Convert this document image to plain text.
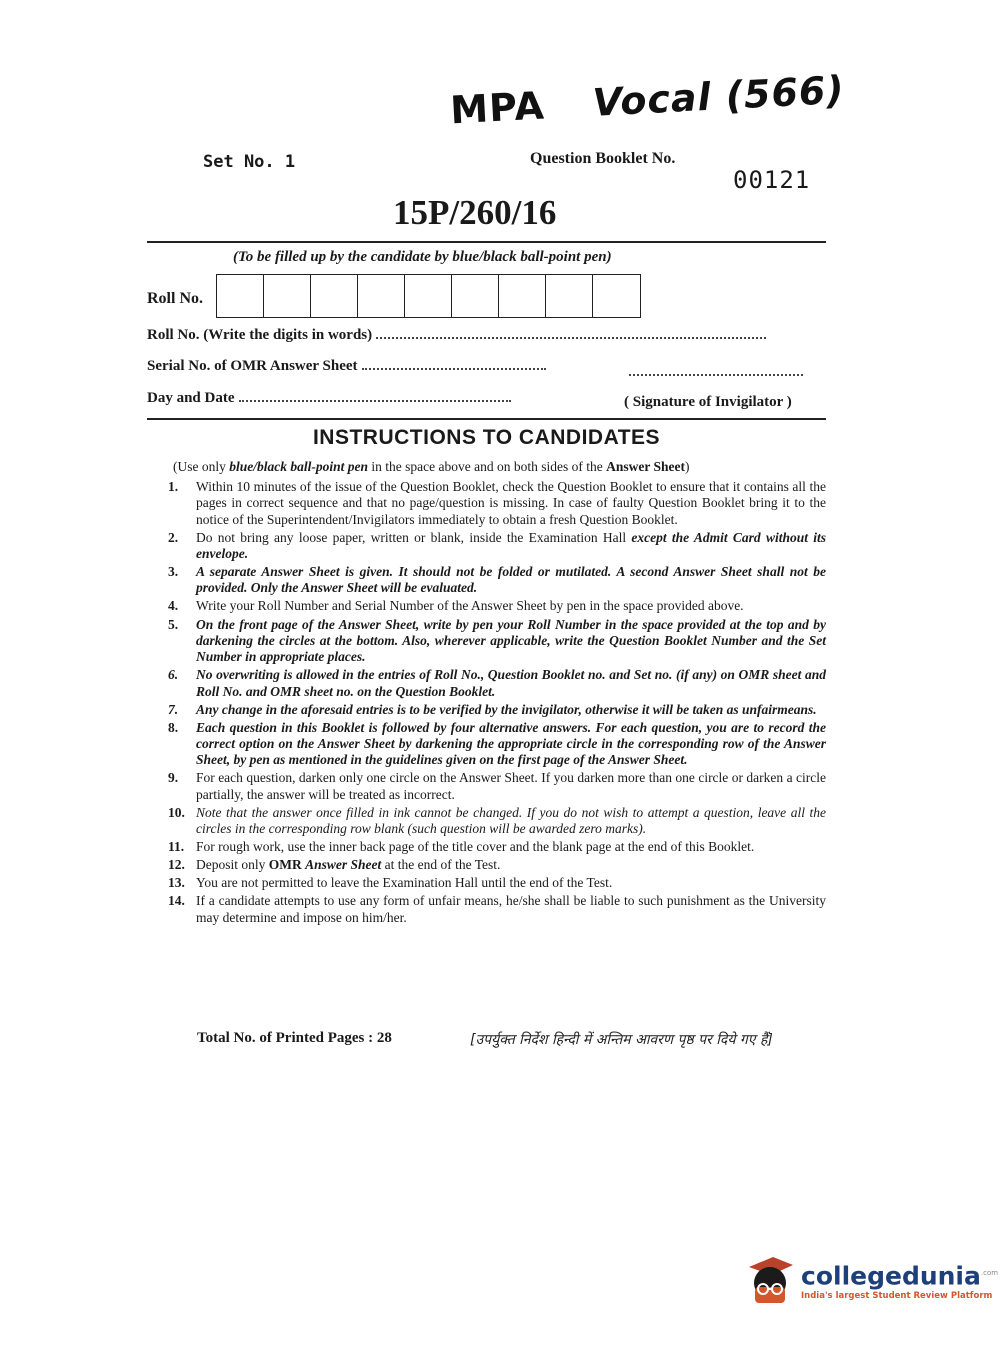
MPA Vocal (566)
Set No. 1	Question Booklet No.
00121
15P/260/16
(To be filled up by the candidate by blue/black ball-point pen)
Roll No.
Roll No. (Write the digits in words)
Serial No. of OMR Answer Sheet
Day and Date	( Signature of Invigilator )
INSTRUCTIONS TO CANDIDATES
(Use only blue/black ball-point pen in the space above and on both sides of the Answer Sheet)
1.	Within 10 minutes of the issue of the Question Booklet, check the Question Booklet to ensure that it contains all the pages in correct sequence and that no page/question is missing. In case of faulty Question Booklet bring it to the notice of the Superintendent/Invigilators immediately to obtain a fresh Question Booklet.
2.	Do not bring any loose paper, written or blank, inside the Examination Hall except the Admit Card without its envelope.
3.	A separate Answer Sheet is given. It should not be folded or mutilated. A second Answer Sheet shall not be provided. Only the Answer Sheet will be evaluated.
4.	Write your Roll Number and Serial Number of the Answer Sheet by pen in the space provided above.
5.	On the front page of the Answer Sheet, write by pen your Roll Number in the space provided at the top and by darkening the circles at the bottom. Also, wherever applicable, write the Question Booklet Number and the Set Number in appropriate places.
6.	No overwriting is allowed in the entries of Roll No., Question Booklet no. and Set no. (if any) on OMR sheet and Roll No. and OMR sheet no. on the Question Booklet.
7.	Any change in the aforesaid entries is to be verified by the invigilator, otherwise it will be taken as unfairmeans.
8.	Each question in this Booklet is followed by four alternative answers. For each question, you are to record the correct option on the Answer Sheet by darkening the appropriate circle in the corresponding row of the Answer Sheet, by pen as mentioned in the guidelines given on the first page of the Answer Sheet.
9.	For each question, darken only one circle on the Answer Sheet. If you darken more than one circle or darken a circle partially, the answer will be treated as incorrect.
10. Note that the answer once filled in ink cannot be changed. If you do not wish to attempt a question, leave all the circles in the corresponding row blank (such question will be awarded zero marks).
11. For rough work, use the inner back page of the title cover and the blank page at the end of this Booklet.
12. Deposit only OMR Answer Sheet at the end of the Test.
13. You are not permitted to leave the Examination Hall until the end of the Test.
14. If a candidate attempts to use any form of unfair means, he/she shall be liable to such punishment as the University may determine and impose on him/her.
Total No. of Printed Pages : 28	[उपर्युक्त निर्देश हिन्दी में अन्तिम आवरण पृष्ठ पर दिये गए हैं]
collegedunia$^{.com}$
India's largest Student Review Platform
